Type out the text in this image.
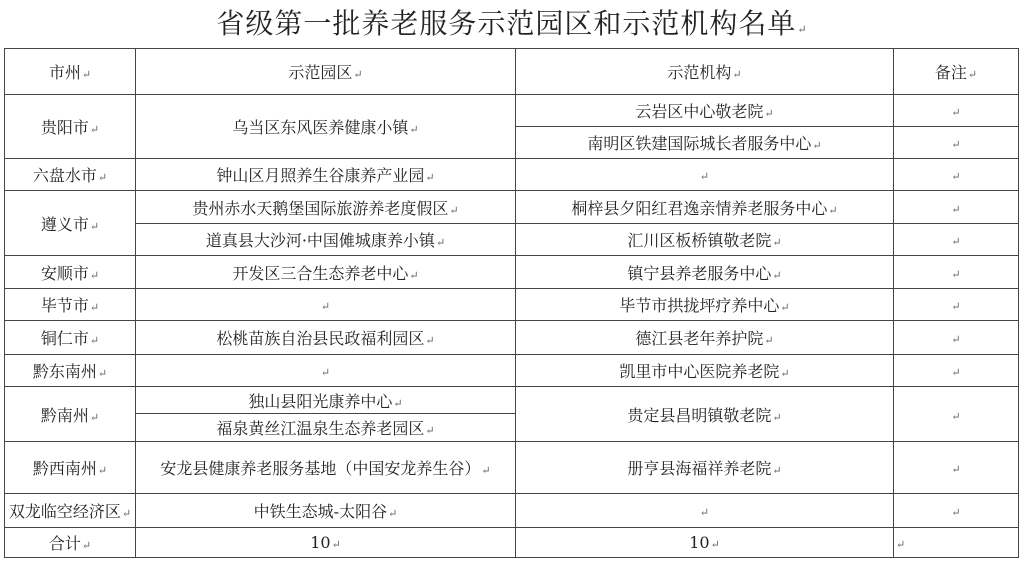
省级第一批养老服务示范园区和示范机构名单↵
市州↵	示范园区↵	示范机构↵	备注↵
贵阳市↵	乌当区东风医养健康小镇↵	云岩区中心敬老院↵	↵
		南明区铁建国际城长者服务中心↵	↵
六盘水市↵	钟山区月照养生谷康养产业园↵	↵	↵
遵义市↵	贵州赤水天鹅堡国际旅游养老度假区↵	桐梓县夕阳红君逸亲情养老服务中心↵	↵
	道真县大沙河·中国傩城康养小镇↵	汇川区板桥镇敬老院↵	↵
安顺市↵	开发区三合生态养老中心↵	镇宁县养老服务中心↵	↵
毕节市↵	↵	毕节市拱拢坪疗养中心↵	↵
铜仁市↵	松桃苗族自治县民政福利园区↵	德江县老年养护院↵	↵
黔东南州↵	↵	凯里市中心医院养老院↵	↵
黔南州↵	独山县阳光康养中心↵	贵定县昌明镇敬老院↵	↵
	福泉黄丝江温泉生态养老园区↵		
黔西南州↵	安龙县健康养老服务基地（中国安龙养生谷）↵	册亨县海福祥养老院↵	↵
双龙临空经济区↵	中铁生态城-太阳谷↵	↵	↵
合计↵	10↵	10↵	↵
